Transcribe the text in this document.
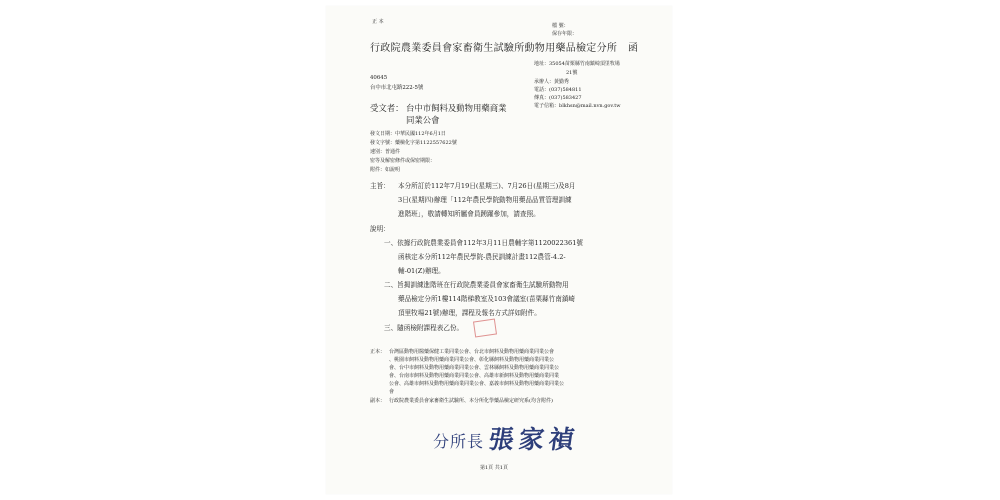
正 本
檔 號：
保存年限：
行政院農業委員會家畜衛生試驗所動物用藥品檢定分所 函
地址：35054苗栗縣竹南鎮崎頂里牧場
21號
承辦人：黃勤秀
電話：(037)584811
傳真：(037)583427
電子信箱：blkhsn@mail.nvn.gov.tw
40645
台中市北屯路222-5號
受文者： 台中市飼料及動物用藥商業
同業公會
發文日期：中華民國112年6月1日
發文字號：藥檢化字第1122557622號
速別：普通件
密等及解密條件或保密期限：
附件：如說明
主旨： 本分所訂於112年7月19日(星期三)、7月26日(星期三)及8月
3日(星期四)辦理「112年農民學院動物用藥品品質管理訓練
進階班」，敬請轉知所屬會員踴躍參加，請查照。
說明：
一、依據行政院農業委員會112年3月11日農輔字第1120022361號
函核定本分所112年農民學院-農民訓練計畫112農管-4.2-
輔-01(Z)辦理。
二、旨揭訓練進階班在行政院農業委員會家畜衛生試驗所動物用
藥品檢定分所1樓114階梯教室及103會議室(苗栗縣竹南鎮崎
頂里牧場21號)辦理，課程及報名方式詳如附件。
三、隨函檢附課程表乙份。
正本： 台灣區動物用醫藥保健工業同業公會、台北市飼料及動物用藥商業同業公會
、桃園市飼料及動物用藥商業同業公會、彰化縣飼料及動物用藥商業同業公
會、台中市飼料及動物用藥商業同業公會、雲林縣飼料及動物用藥商業同業公
會、台南市飼料及動物用藥商業同業公會、高雄市新飼料及動物用藥商業同業
公會、高雄市飼料及動物用藥商業同業公會、嘉義市飼料及動物用藥商業同業公
會
副本： 行政院農業委員會家畜衛生試驗所、本分所化學藥品檢定研究系(均含附件)
分所長 張家禎
第1頁 共1頁
